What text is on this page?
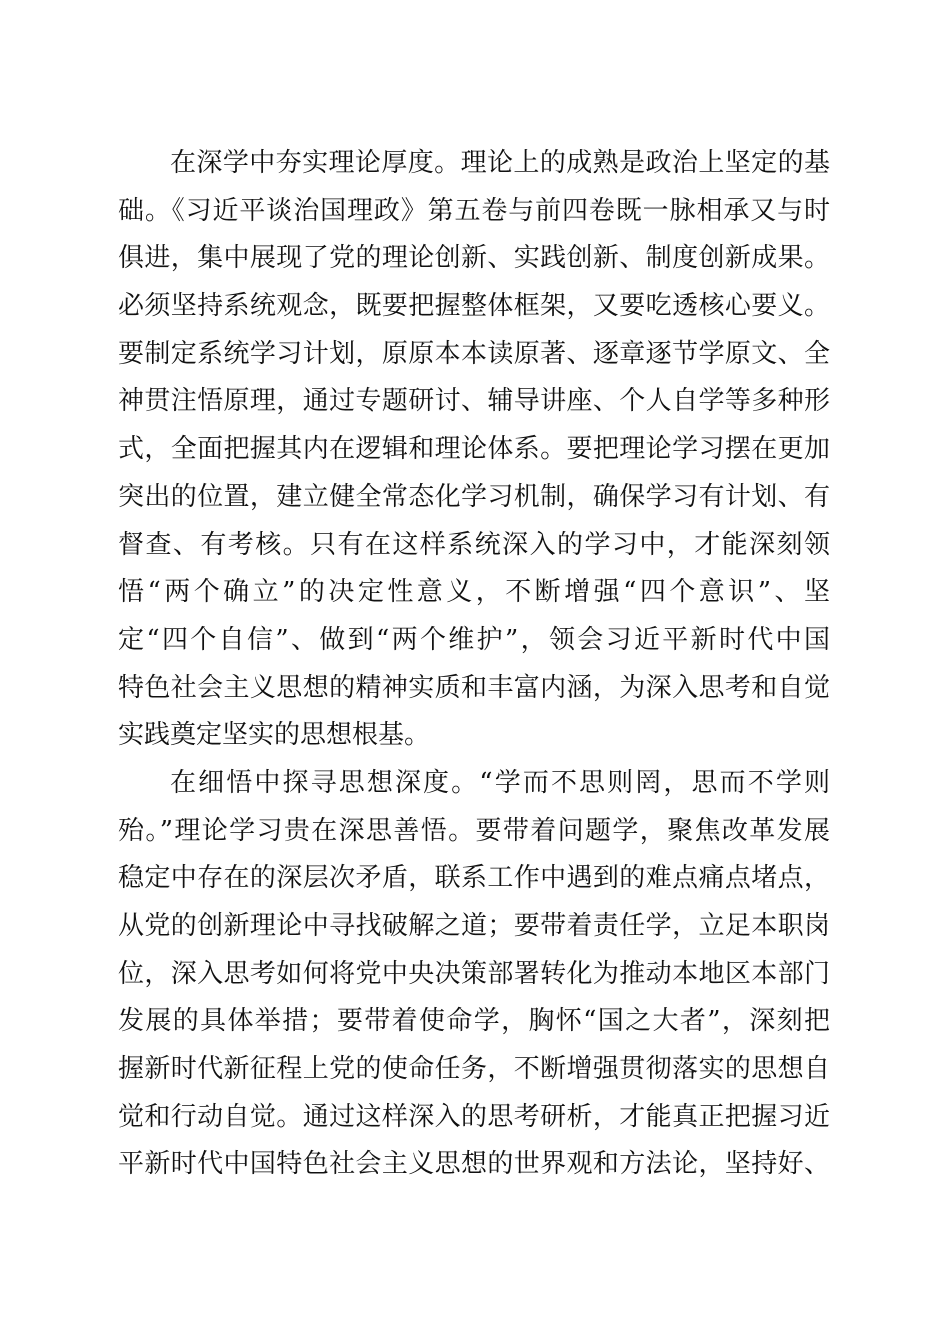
在深学中夯实理论厚度。理论上的成熟是政治上坚定的基
础。《习近平谈治国理政》第五卷与前四卷既一脉相承又与时
俱进，集中展现了党的理论创新、实践创新、制度创新成果。
必须坚持系统观念，既要把握整体框架，又要吃透核心要义。
要制定系统学习计划，原原本本读原著、逐章逐节学原文、全
神贯注悟原理，通过专题研讨、辅导讲座、个人自学等多种形
式，全面把握其内在逻辑和理论体系。要把理论学习摆在更加
突出的位置，建立健全常态化学习机制，确保学习有计划、有
督查、有考核。只有在这样系统深入的学习中，才能深刻领
悟“两个确立”的决定性意义，不断增强“四个意识”、坚
定“四个自信”、做到“两个维护”，领会习近平新时代中国
特色社会主义思想的精神实质和丰富内涵，为深入思考和自觉
实践奠定坚实的思想根基。
在细悟中探寻思想深度。“学而不思则罔，思而不学则
殆。”理论学习贵在深思善悟。要带着问题学，聚焦改革发展
稳定中存在的深层次矛盾，联系工作中遇到的难点痛点堵点，
从党的创新理论中寻找破解之道；要带着责任学，立足本职岗
位，深入思考如何将党中央决策部署转化为推动本地区本部门
发展的具体举措；要带着使命学，胸怀“国之大者”，深刻把
握新时代新征程上党的使命任务，不断增强贯彻落实的思想自
觉和行动自觉。通过这样深入的思考研析，才能真正把握习近
平新时代中国特色社会主义思想的世界观和方法论，坚持好、
